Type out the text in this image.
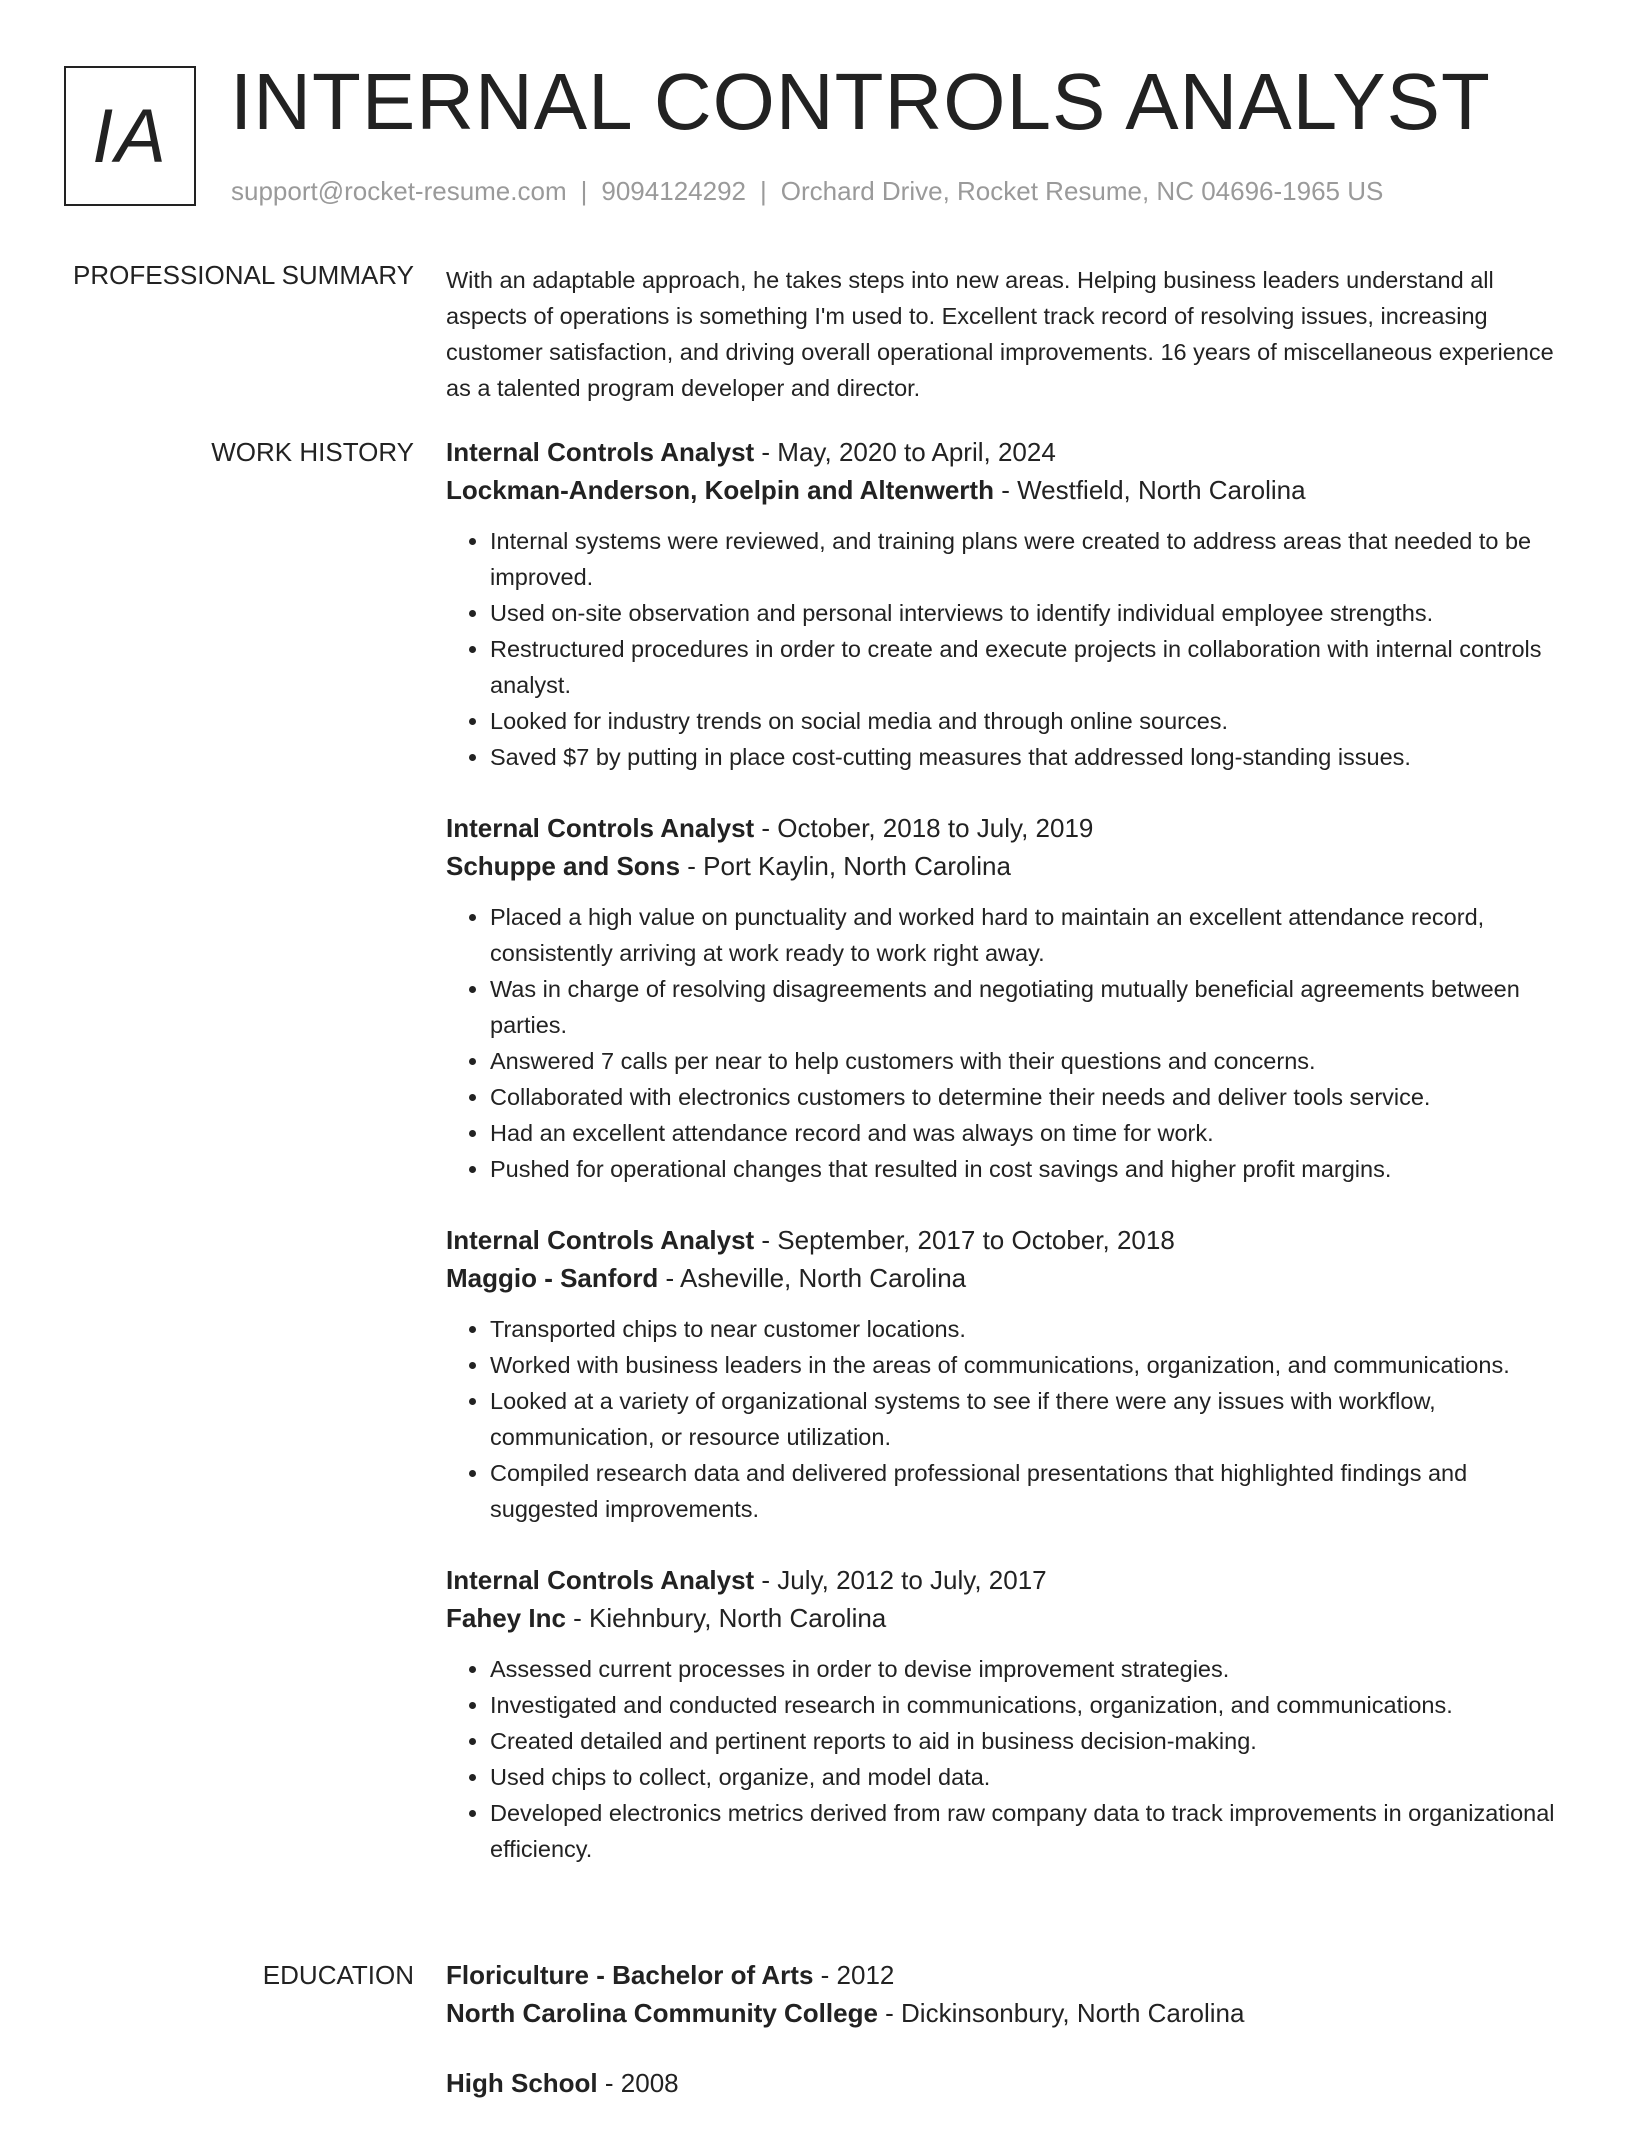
IA INTERNAL CONTROLS ANALYST
support@rocket-resume.com | 9094124292 | Orchard Drive, Rocket Resume, NC 04696-1965 US
PROFESSIONAL SUMMARY With an adaptable approach, he takes steps into new areas. Helping business leaders understand all aspects of operations is something I'm used to. Excellent track record of resolving issues, increasing customer satisfaction, and driving overall operational improvements. 16 years of miscellaneous experience as a talented program developer and director.

WORK HISTORY Internal Controls Analyst - May, 2020 to April, 2024

Lockman-Anderson, Koelpin and Altenwerth - Westfield, North Carolina

• Internal systems were reviewed, and training plans were created to address areas that needed to be improved.
• Used on-site observation and personal interviews to identify individual employee strengths.
• Restructured procedures in order to create and execute projects in collaboration with internal controls analyst.
• Looked for industry trends on social media and through online sources.
• Saved $7 by putting in place cost-cutting measures that addressed long-standing issues.

Internal Controls Analyst - October, 2018 to July, 2019

Schuppe and Sons - Port Kaylin, North Carolina

• Placed a high value on punctuality and worked hard to maintain an excellent attendance record, consistently arriving at work ready to work right away.
• Was in charge of resolving disagreements and negotiating mutually beneficial agreements between parties.
• Answered 7 calls per near to help customers with their questions and concerns.
• Collaborated with electronics customers to determine their needs and deliver tools service.
• Had an excellent attendance record and was always on time for work.
• Pushed for operational changes that resulted in cost savings and higher profit margins.

Internal Controls Analyst - September, 2017 to October, 2018

Maggio - Sanford - Asheville, North Carolina

• Transported chips to near customer locations.
• Worked with business leaders in the areas of communications, organization, and communications.
• Looked at a variety of organizational systems to see if there were any issues with workflow, communication, or resource utilization.
• Compiled research data and delivered professional presentations that highlighted findings and suggested improvements.

Internal Controls Analyst - July, 2012 to July, 2017

Fahey Inc - Kiehnbury, North Carolina

• Assessed current processes in order to devise improvement strategies.
• Investigated and conducted research in communications, organization, and communications.
• Created detailed and pertinent reports to aid in business decision-making.
• Used chips to collect, organize, and model data.
• Developed electronics metrics derived from raw company data to track improvements in organizational efficiency.
EDUCATION Floriculture - Bachelor of Arts - 2012

North Carolina Community College - Dickinsonbury, North Carolina

High School - 2008
